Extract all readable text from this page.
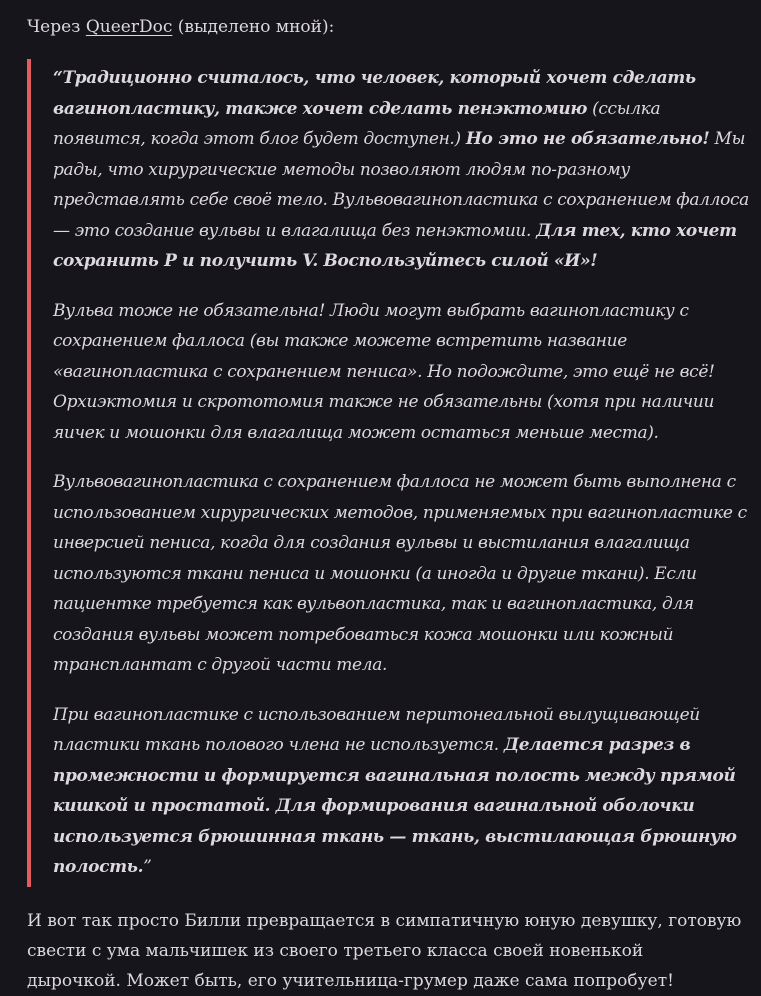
Через QueerDoc (выделено мной):

“Традиционно считалось, что человек, который хочет сделать вагинопластику, также хочет сделать пенэктомию (ссылка появится, когда этот блог будет доступен.) Но это не обязательно! Мы рады, что хирургические методы позволяют людям по-разному представлять себе своё тело. Вульвовагинопластика с сохранением фаллоса — это создание вульвы и влагалища без пенэктомии. Для тех, кто хочет сохранить P и получить V. Воспользуйтесь силой «И»!

Вульва тоже не обязательна! Люди могут выбрать вагинопластику с сохранением фаллоса (вы также можете встретить название «вагинопластика с сохранением пениса». Но подождите, это ещё не всё! Орхиэктомия и скрототомия также не обязательны (хотя при наличии яичек и мошонки для влагалища может остаться меньше места).

Вульвовагинопластика с сохранением фаллоса не может быть выполнена с использованием хирургических методов, применяемых при вагинопластике с инверсией пениса, когда для создания вульвы и выстилания влагалища используются ткани пениса и мошонки (а иногда и другие ткани). Если пациентке требуется как вульвопластика, так и вагинопластика, для создания вульвы может потребоваться кожа мошонки или кожный трансплантат с другой части тела.

При вагинопластике с использованием перитонеальной вылущивающей пластики ткань полового члена не используется. Делается разрез в промежности и формируется вагинальная полость между прямой кишкой и простатой. Для формирования вагинальной оболочки используется брюшинная ткань — ткань, выстилающая брюшную полость.”

И вот так просто Билли превращается в симпатичную юную девушку, готовую свести с ума мальчишек из своего третьего класса своей новенькой дырочкой. Может быть, его учительница-грумер даже сама попробует!
